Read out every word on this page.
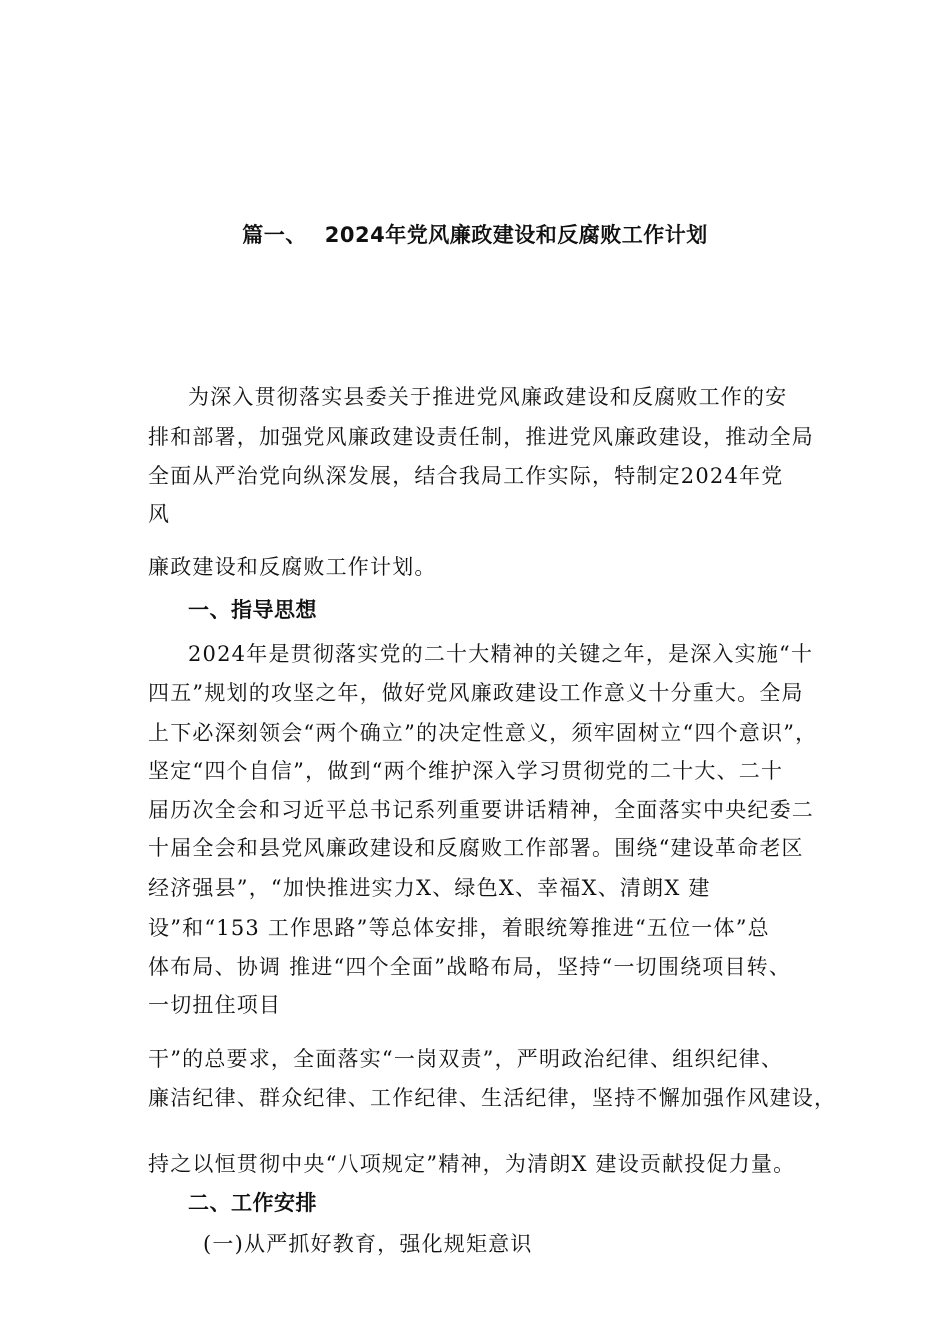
篇一、 2024年党风廉政建设和反腐败工作计划
为深入贯彻落实县委关于推进党风廉政建设和反腐败工作的安
排和部署，加强党风廉政建设责任制，推进党风廉政建设，推动全局
全面从严治党向纵深发展，结合我局工作实际，特制定2024年党
风
廉政建设和反腐败工作计划。
一、指导思想
2024年是贯彻落实党的二十大精神的关键之年，是深入实施“十
四五”规划的攻坚之年，做好党风廉政建设工作意义十分重大。全局
上下必深刻领会“两个确立”的决定性意义，须牢固树立“四个意识”，
坚定“四个自信”，做到“两个维护深入学习贯彻党的二十大、二十
届历次全会和习近平总书记系列重要讲话精神，全面落实中央纪委二
十届全会和县党风廉政建设和反腐败工作部署。围绕“建设革命老区
经济强县”，“加快推进实力X、绿色X、幸福X、清朗X 建
设”和“153 工作思路”等总体安排，着眼统筹推进“五位一体”总
体布局、协调 推进“四个全面”战略布局，坚持“一切围绕项目转、
一切扭住项目
干”的总要求，全面落实“一岗双责”，严明政治纪律、组织纪律、
廉洁纪律、群众纪律、工作纪律、生活纪律，坚持不懈加强作风建设，
持之以恒贯彻中央“八项规定”精神，为清朗X 建设贡献投促力量。
二、工作安排
(一)从严抓好教育，强化规矩意识
